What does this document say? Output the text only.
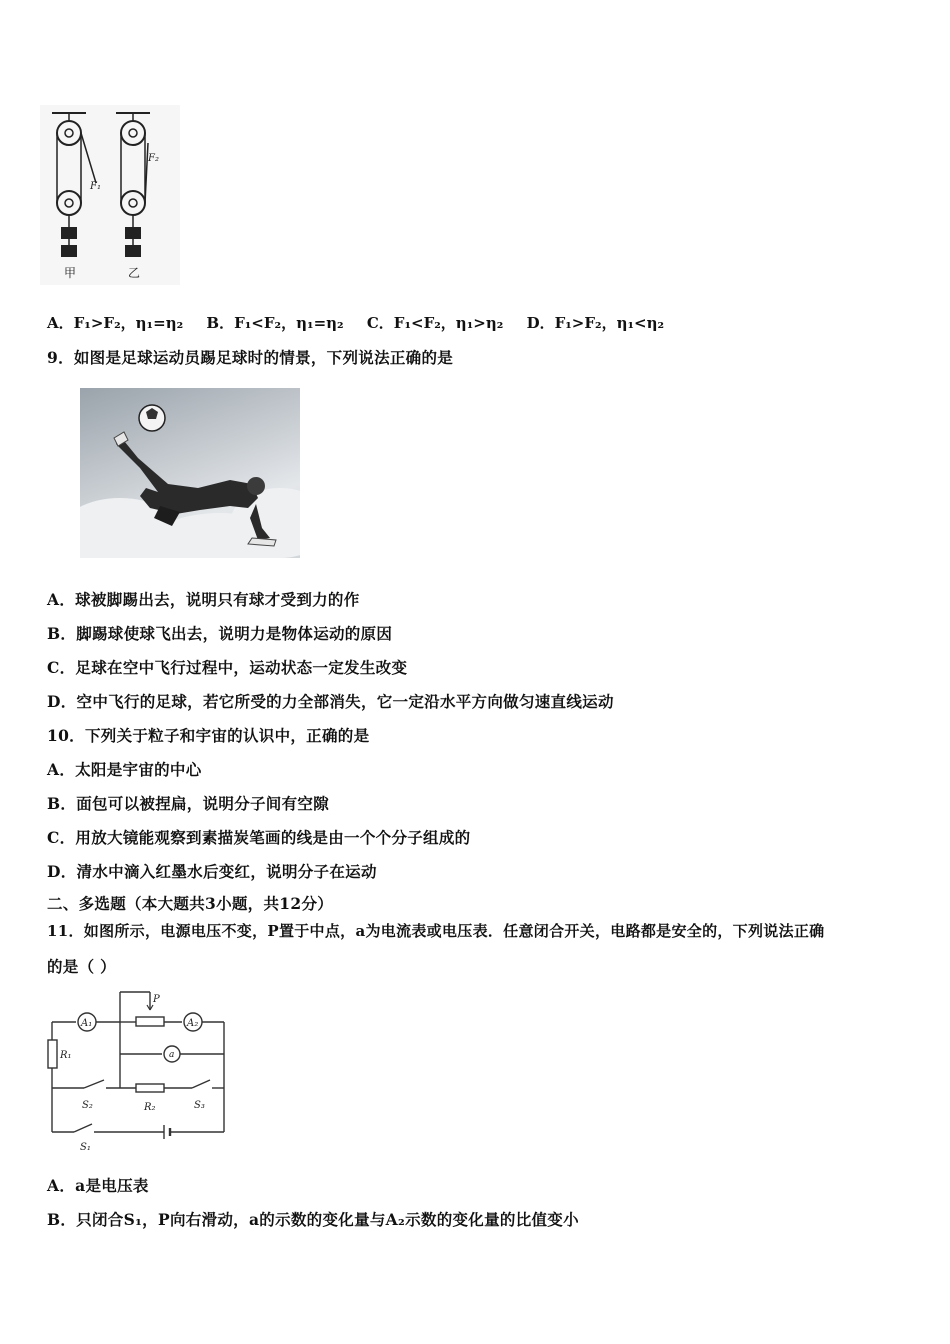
F₁
F₂
甲	乙
A．F₁>F₂，η₁=η₂ B．F₁<F₂，η₁=η₂ C．F₁<F₂，η₁>η₂ D．F₁>F₂，η₁<η₂
9．如图是足球运动员踢足球时的情景，下列说法正确的是
A．球被脚踢出去，说明只有球才受到力的作
B．脚踢球使球飞出去，说明力是物体运动的原因
C．足球在空中飞行过程中，运动状态一定发生改变
D．空中飞行的足球，若它所受的力全部消失，它一定沿水平方向做匀速直线运动
10．下列关于粒子和宇宙的认识中，正确的是
A．太阳是宇宙的中心
B．面包可以被捏扁，说明分子间有空隙
C．用放大镜能观察到素描炭笔画的线是由一个个分子组成的
D．清水中滴入红墨水后变红，说明分子在运动
二、多选题（本大题共3小题，共12分）
11．如图所示，电源电压不变，P置于中点，a为电流表或电压表．任意闭合开关，电路都是安全的，下列说法正确
的是（ ）
A₁	A₂
a
P
R₁
R₂
S₂	S₃
S₁
A．a是电压表
B．只闭合S₁，P向右滑动，a的示数的变化量与A₂示数的变化量的比值变小
